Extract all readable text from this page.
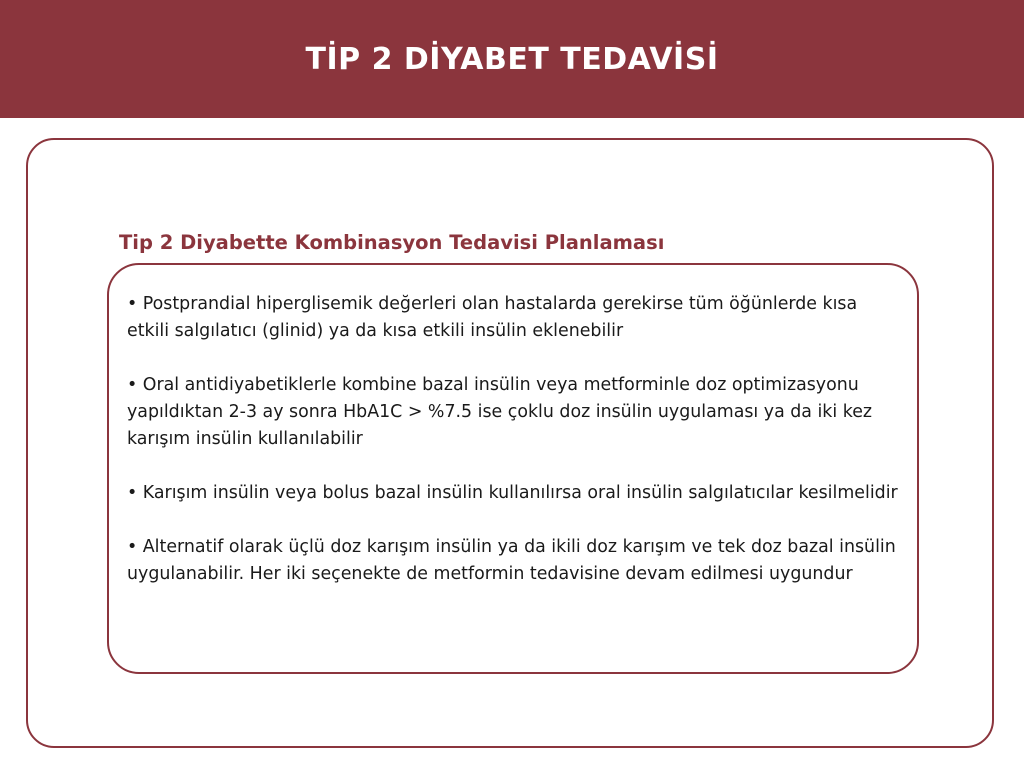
TİP 2 DİYABET TEDAVİSİ
Tip 2 Diyabette Kombinasyon Tedavisi Planlaması
• Postprandial hiperglisemik değerleri olan hastalarda gerekirse tüm öğünlerde kısa etkili salgılatıcı (glinid) ya da kısa etkili insülin eklenebilir
• Oral antidiyabetiklerle kombine bazal insülin veya metforminle doz optimizasyonu yapıldıktan 2-3 ay sonra HbA1C > %7.5 ise çoklu doz insülin uygulaması ya da iki kez karışım insülin kullanılabilir
• Karışım insülin veya bolus bazal insülin kullanılırsa oral insülin salgılatıcılar kesilmelidir
• Alternatif olarak üçlü doz karışım insülin ya da ikili doz karışım ve tek doz bazal insülin uygulanabilir. Her iki seçenekte de metformin tedavisine devam edilmesi uygundur
